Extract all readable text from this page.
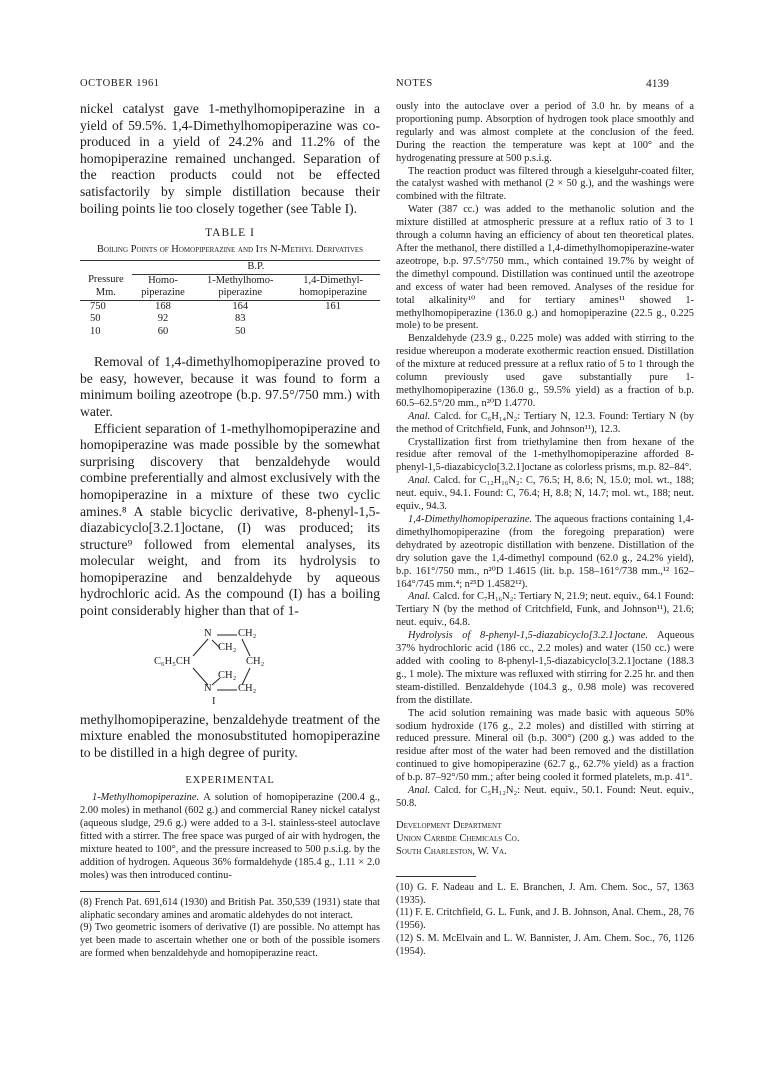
OCTOBER 1961	NOTES	4139

nickel catalyst gave 1-methylhomopiperazine in a yield of 59.5%. 1,4-Dimethylhomopiperazine was co-produced in a yield of 24.2% and 11.2% of the homopiperazine remained unchanged. Separation of the reaction products could not be effected satisfactorily by simple distillation because their boiling points lie too closely together (see Table I).

TABLE I
Boiling Points of Homopiperazine and Its N-Methyl Derivatives
	B.P.		
Pressure	Homo-	1-Methylhomo-	1,4-Dimethyl-
Mm.	piperazine	piperazine	homopiperazine
750	168	164	161
50	92	83	
10	60	50	

Removal of 1,4-dimethylhomopiperazine proved to be easy, however, because it was found to form a minimum boiling azeotrope (b.p. 97.5°/750 mm.) with water.

Efficient separation of 1-methylhomopiperazine and homopiperazine was made possible by the somewhat surprising discovery that benzaldehyde would combine preferentially and almost exclusively with the homopiperazine in a mixture of these two cyclic amines.⁸ A stable bicyclic derivative, 8-phenyl-1,5-diazabicyclo[3.2.1]octane, (I) was produced; its structure⁹ followed from elemental analyses, its molecular weight, and from its hydrolysis to homopiperazine and benzaldehyde by aqueous hydrochloric acid. As the compound (I) has a boiling point considerably higher than that of 1-

N	CH₂
CH₂
C₆H₅CH	CH₂
CH₂
N	CH₂
I

methylhomopiperazine, benzaldehyde treatment of the mixture enabled the monosubstituted homopiperazine to be distilled in a high degree of purity.

EXPERIMENTAL

1-Methylhomopiperazine. A solution of homopiperazine (200.4 g., 2.00 moles) in methanol (602 g.) and commercial Raney nickel catalyst (aqueous sludge, 29.6 g.) were added to a 3-l. stainless-steel autoclave fitted with a stirrer. The free space was purged of air with hydrogen, the mixture heated to 100°, and the pressure increased to 500 p.s.i.g. by the addition of hydrogen. Aqueous 36% formaldehyde (185.4 g., 1.11 × 2.0 moles) was then introduced continu-

(8) French Pat. 691,614 (1930) and British Pat. 350,539 (1931) state that aliphatic secondary amines and aromatic aldehydes do not interact.

(9) Two geometric isomers of derivative (I) are possible. No attempt has yet been made to ascertain whether one or both of the possible isomers are formed when benzaldehyde and homopiperazine react.

ously into the autoclave over a period of 3.0 hr. by means of a proportioning pump. Absorption of hydrogen took place smoothly and regularly and was almost complete at the conclusion of the feed. During the reaction the temperature was kept at 100° and the hydrogenating pressure at 500 p.s.i.g.

The reaction product was filtered through a kieselguhr-coated filter, the catalyst washed with methanol (2 × 50 g.), and the washings were combined with the filtrate.

Water (387 cc.) was added to the methanolic solution and the mixture distilled at atmospheric pressure at a reflux ratio of 3 to 1 through a column having an efficiency of about ten theoretical plates. After the methanol, there distilled a 1,4-dimethylhomopiperazine-water azeotrope, b.p. 97.5°/750 mm., which contained 19.7% by weight of the dimethyl compound. Distillation was continued until the azeotrope and excess of water had been removed. Analyses of the residue for total alkalinity¹⁰ and for tertiary amines¹¹ showed 1-methylhomopiperazine (136.0 g.) and homopiperazine (22.5 g., 0.225 mole) to be present.

Benzaldehyde (23.9 g., 0.225 mole) was added with stirring to the residue whereupon a moderate exothermic reaction ensued. Distillation of the mixture at reduced pressure at a reflux ratio of 5 to 1 through the column previously used gave substantially pure 1-methylhomopiperazine (136.0 g., 59.5% yield) as a fraction of b.p. 60.5–62.5°/20 mm., n²⁰D 1.4770.

Anal. Calcd. for C₆H₁₄N₂: Tertiary N, 12.3. Found: Tertiary N (by the method of Critchfield, Funk, and Johnson¹¹), 12.3.

Crystallization first from triethylamine then from hexane of the residue after removal of the 1-methylhomopiperazine afforded 8-phenyl-1,5-diazabicyclo[3.2.1]octane as colorless prisms, m.p. 82–84°.

Anal. Calcd. for C₁₂H₁₆N₂: C, 76.5; H, 8.6; N, 15.0; mol. wt., 188; neut. equiv., 94.1. Found: C, 76.4; H, 8.8; N, 14.7; mol. wt., 188; neut. equiv., 94.3.

1,4-Dimethylhomopiperazine. The aqueous fractions containing 1,4-dimethylhomopiperazine (from the foregoing preparation) were dehydrated by azeotropic distillation with benzene. Distillation of the dry solution gave the 1,4-dimethyl compound (62.0 g., 24.2% yield), b.p. 161°/750 mm., n²⁰D 1.4615 (lit. b.p. 158–161°/738 mm.,¹² 162–164°/745 mm.⁴; n²⁵D 1.4582¹²).

Anal. Calcd. for C₇H₁₆N₂: Tertiary N, 21.9; neut. equiv., 64.1 Found: Tertiary N (by the method of Critchfield, Funk, and Johnson¹¹), 21.6; neut. equiv., 64.8.

Hydrolysis of 8-phenyl-1,5-diazabicyclo[3.2.1]octane. Aqueous 37% hydrochloric acid (186 cc., 2.2 moles) and water (150 cc.) were added with cooling to 8-phenyl-1,5-diazabicyclo[3.2.1]octane (188.3 g., 1 mole). The mixture was refluxed with stirring for 2.25 hr. and then steam-distilled. Benzaldehyde (104.3 g., 0.98 mole) was recovered from the distillate.

The acid solution remaining was made basic with aqueous 50% sodium hydroxide (176 g., 2.2 moles) and distilled with stirring at reduced pressure. Mineral oil (b.p. 300°) (200 g.) was added to the residue after most of the water had been removed and the distillation continued to give homopiperazine (62.7 g., 62.7% yield) as a fraction of b.p. 87–92°/50 mm.; after being cooled it formed platelets, m.p. 41°.

Anal. Calcd. for C₅H₁₂N₂: Neut. equiv., 50.1. Found: Neut. equiv., 50.8.

Development Department
Union Carbide Chemicals Co.
South Charleston, W. Va.

(10) G. F. Nadeau and L. E. Branchen, J. Am. Chem. Soc., 57, 1363 (1935).

(11) F. E. Critchfield, G. L. Funk, and J. B. Johnson, Anal. Chem., 28, 76 (1956).

(12) S. M. McElvain and L. W. Bannister, J. Am. Chem. Soc., 76, 1126 (1954).
